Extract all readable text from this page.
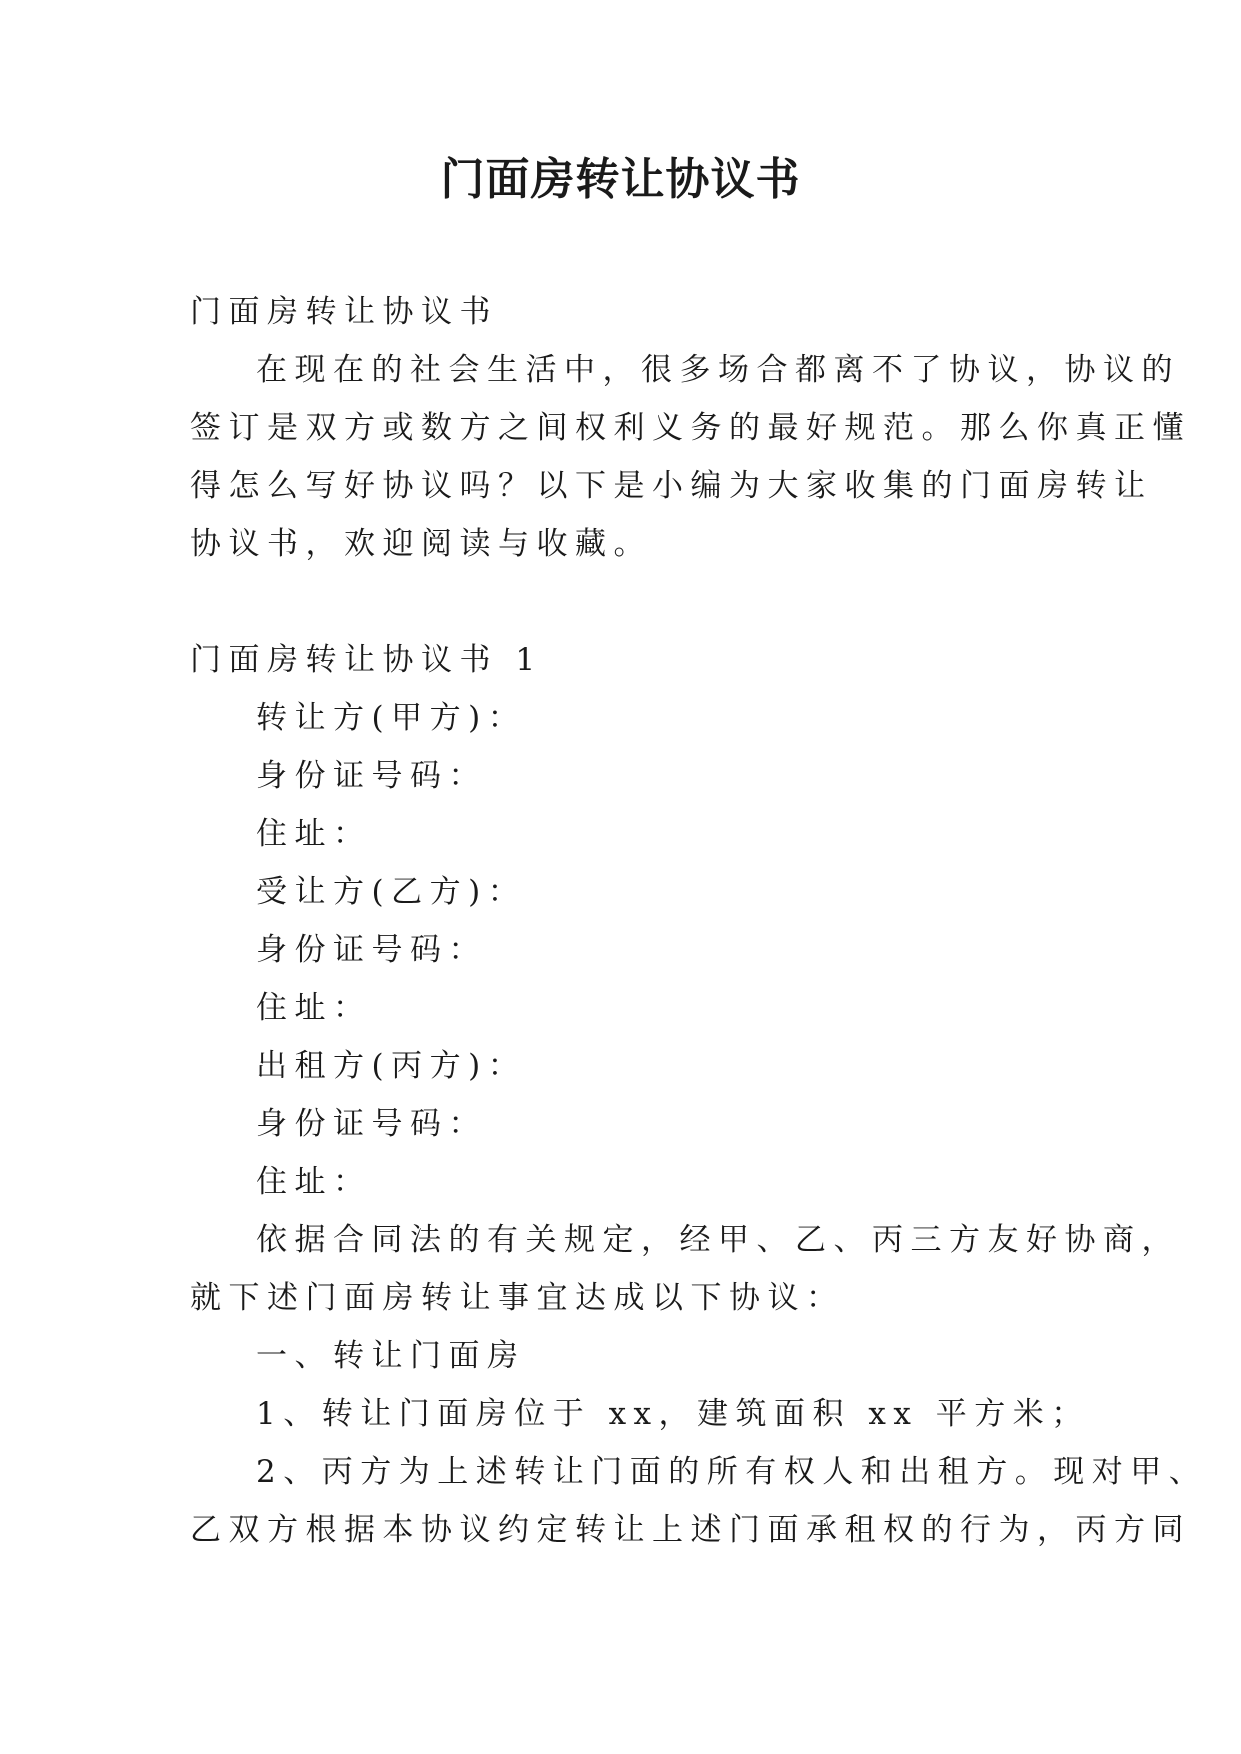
门面房转让协议书

门面房转让协议书

在现在的社会生活中，很多场合都离不了协议，协议的

签订是双方或数方之间权利义务的最好规范。那么你真正懂

得怎么写好协议吗？以下是小编为大家收集的门面房转让

协议书，欢迎阅读与收藏。

门面房转让协议书 1

转让方(甲方)：

身份证号码：

住址：

受让方(乙方)：

身份证号码：

住址：

出租方(丙方)：

身份证号码：

住址：

依据合同法的有关规定，经甲、乙、丙三方友好协商，

就下述门面房转让事宜达成以下协议：

一、转让门面房

1、转让门面房位于 xx，建筑面积 xx 平方米；

2、丙方为上述转让门面的所有权人和出租方。现对甲、

乙双方根据本协议约定转让上述门面承租权的行为，丙方同
